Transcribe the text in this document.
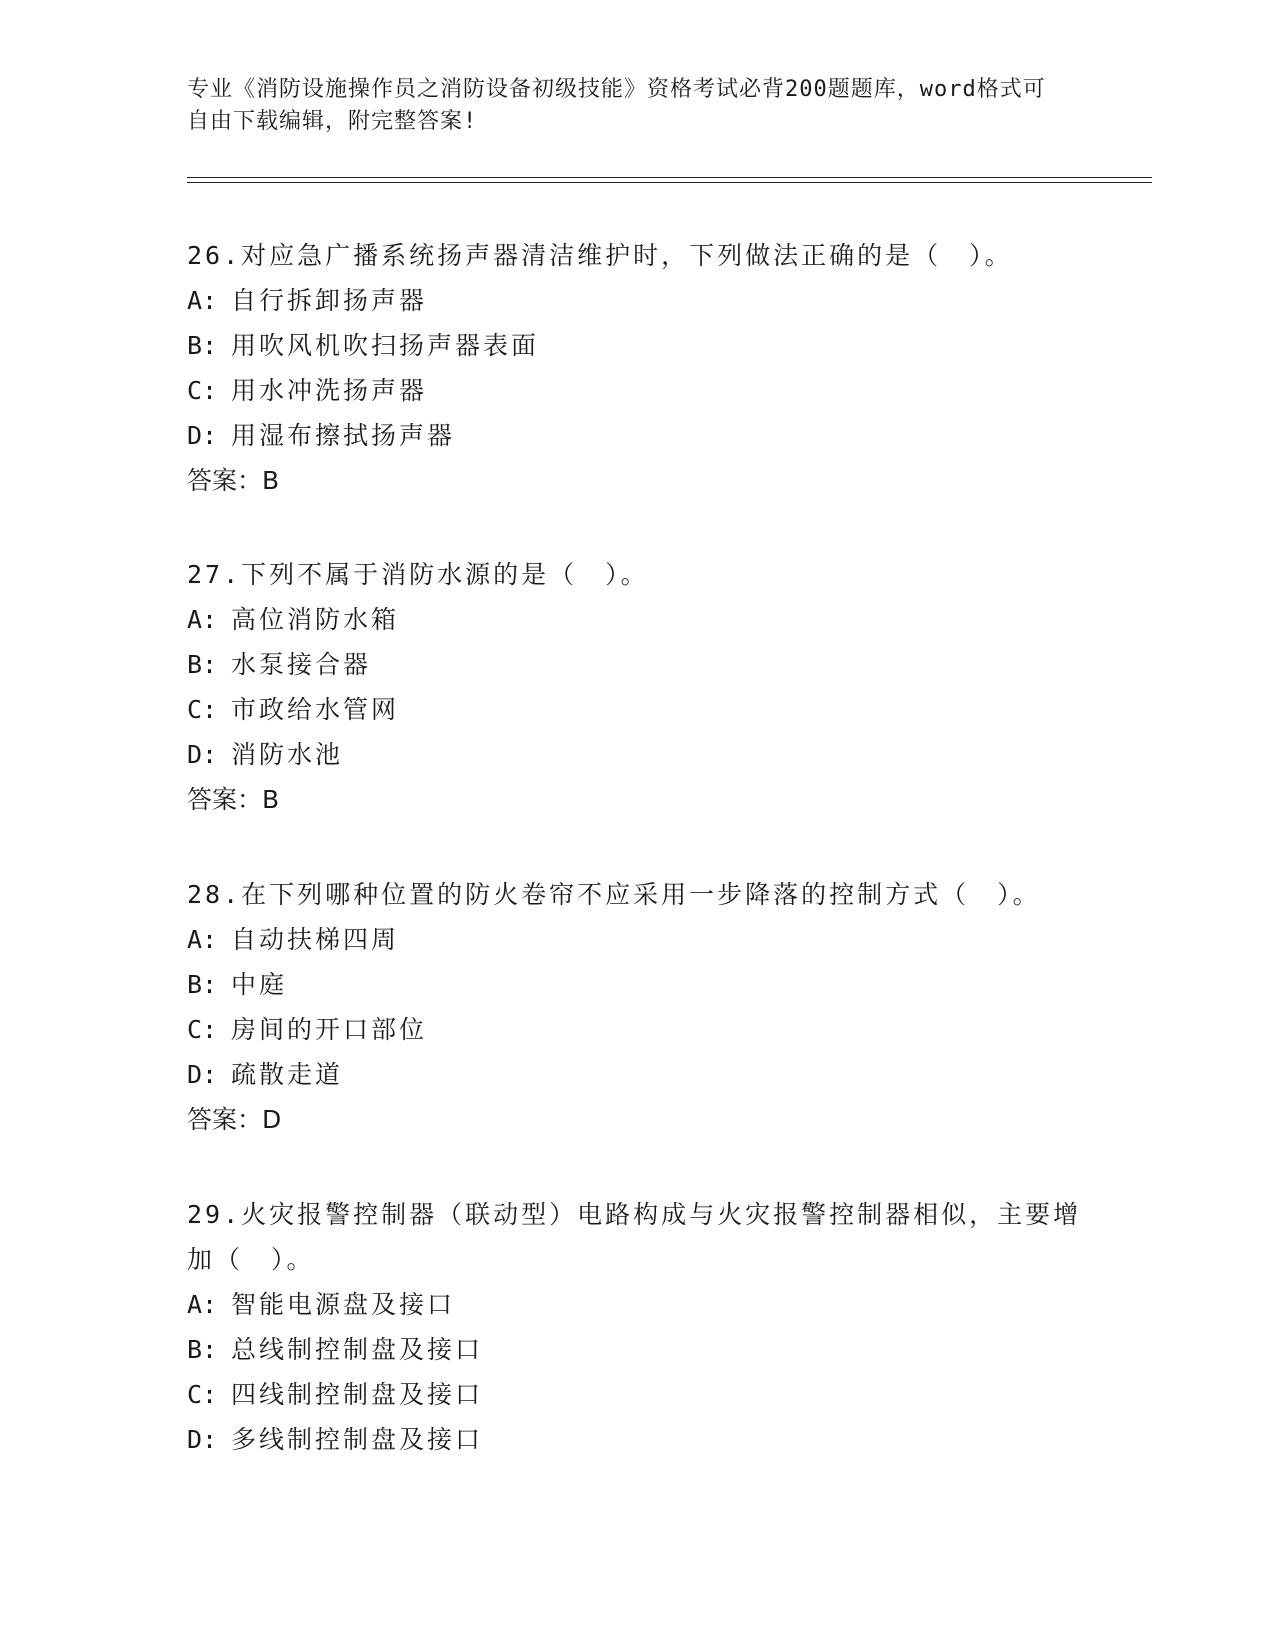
专业《消防设施操作员之消防设备初级技能》资格考试必背200题题库，word格式可自由下载编辑，附完整答案!

26.对应急广播系统扬声器清洁维护时，下列做法正确的是（　）。

A: 自行拆卸扬声器

B: 用吹风机吹扫扬声器表面

C: 用水冲洗扬声器

D: 用湿布擦拭扬声器

答案：B

27.下列不属于消防水源的是（　）。

A: 高位消防水箱

B: 水泵接合器

C: 市政给水管网

D: 消防水池

答案：B

28.在下列哪种位置的防火卷帘不应采用一步降落的控制方式（　）。

A: 自动扶梯四周

B: 中庭

C: 房间的开口部位

D: 疏散走道

答案：D

29.火灾报警控制器（联动型）电路构成与火灾报警控制器相似，主要增加（　）。

A: 智能电源盘及接口

B: 总线制控制盘及接口

C: 四线制控制盘及接口

D: 多线制控制盘及接口
